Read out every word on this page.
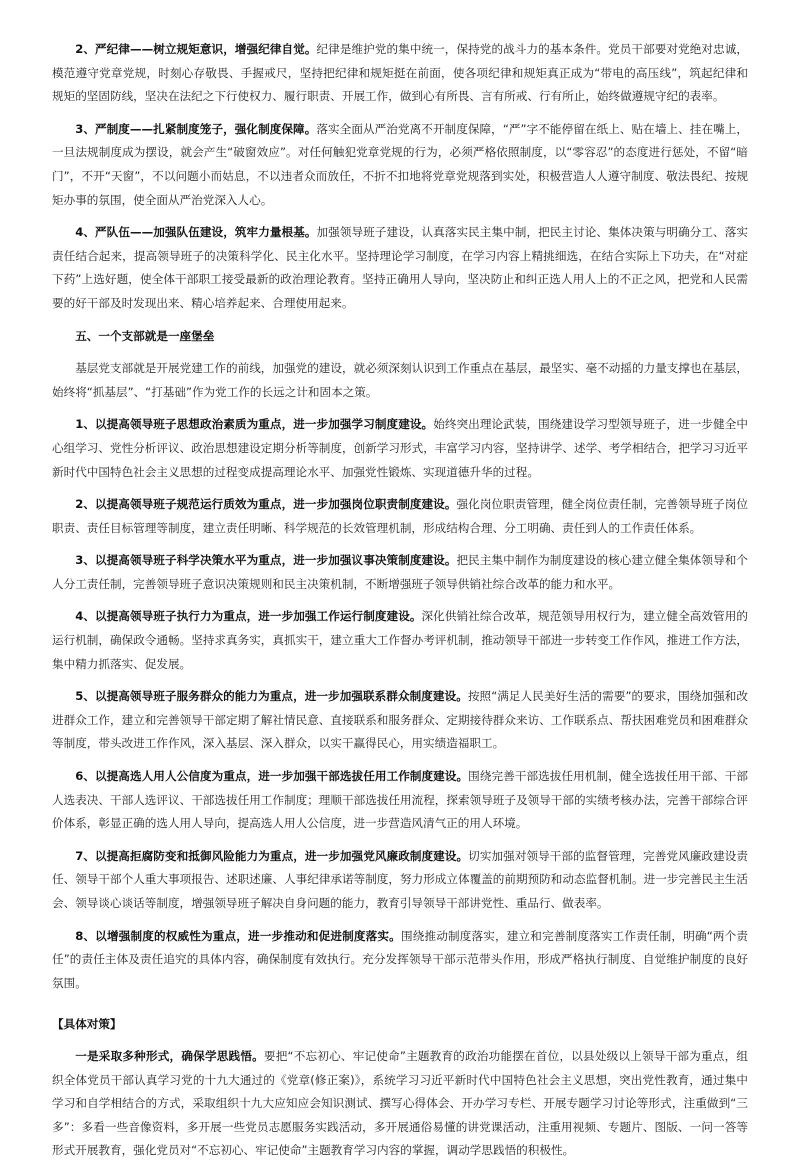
2、严纪律——树立规矩意识，增强纪律自觉。纪律是维护党的集中统一，保持党的战斗力的基本条件。党员干部要对党绝对忠诚，模范遵守党章党规，时刻心存敬畏、手握戒尺，坚持把纪律和规矩挺在前面，使各项纪律和规矩真正成为“带电的高压线”，筑起纪律和规矩的坚固防线，坚决在法纪之下行使权力、履行职责、开展工作，做到心有所畏、言有所戒、行有所止，始终做遵规守纪的表率。

3、严制度——扎紧制度笼子，强化制度保障。落实全面从严治党离不开制度保障，“严”字不能停留在纸上、贴在墙上、挂在嘴上，一旦法规制度成为摆设，就会产生“破窗效应”。对任何触犯党章党规的行为，必须严格依照制度，以“零容忍”的态度进行惩处，不留“暗门”，不开“天窗”，不以问题小而姑息，不以违者众而放任，不折不扣地将党章党规落到实处，积极营造人人遵守制度、敬法畏纪、按规矩办事的氛围，使全面从严治党深入人心。

4、严队伍——加强队伍建设，筑牢力量根基。加强领导班子建设，认真落实民主集中制，把民主讨论、集体决策与明确分工、落实责任结合起来，提高领导班子的决策科学化、民主化水平。坚持理论学习制度，在学习内容上精挑细选，在结合实际上下功夫，在“对症下药”上选好题，使全体干部职工接受最新的政治理论教育。坚持正确用人导向，坚决防止和纠正选人用人上的不正之风，把党和人民需要的好干部及时发现出来、精心培养起来、合理使用起来。

五、一个支部就是一座堡垒

基层党支部就是开展党建工作的前线，加强党的建设，就必须深刻认识到工作重点在基层，最坚实、毫不动摇的力量支撑也在基层，始终将“抓基层”、“打基础”作为党工作的长远之计和固本之策。

1、以提高领导班子思想政治素质为重点，进一步加强学习制度建设。始终突出理论武装，围绕建设学习型领导班子，进一步健全中心组学习、党性分析评议、政治思想建设定期分析等制度，创新学习形式，丰富学习内容，坚持讲学、述学、考学相结合，把学习习近平新时代中国特色社会主义思想的过程变成提高理论水平、加强党性锻炼、实现道德升华的过程。

2、以提高领导班子规范运行质效为重点，进一步加强岗位职责制度建设。强化岗位职责管理，健全岗位责任制，完善领导班子岗位职责、责任目标管理等制度，建立责任明晰、科学规范的长效管理机制，形成结构合理、分工明确、责任到人的工作责任体系。

3、以提高领导班子科学决策水平为重点，进一步加强议事决策制度建设。把民主集中制作为制度建设的核心建立健全集体领导和个人分工责任制，完善领导班子意识决策规则和民主决策机制，不断增强班子领导供销社综合改革的能力和水平。

4、以提高领导班子执行力为重点，进一步加强工作运行制度建设。深化供销社综合改革，规范领导用权行为，建立健全高效管用的运行机制，确保政令通畅。坚持求真务实，真抓实干，建立重大工作督办考评机制，推动领导干部进一步转变工作作风，推进工作方法，集中精力抓落实、促发展。

5、以提高领导班子服务群众的能力为重点，进一步加强联系群众制度建设。按照“满足人民美好生活的需要”的要求，围绕加强和改进群众工作，建立和完善领导干部定期了解社情民意、直接联系和服务群众、定期接待群众来访、工作联系点、帮扶困难党员和困难群众等制度，带头改进工作作风，深入基层、深入群众，以实干赢得民心，用实绩造福职工。

6、以提高选人用人公信度为重点，进一步加强干部选拔任用工作制度建设。围绕完善干部选拔任用机制，健全选拔任用干部、干部人选表决、干部人选评议、干部选拔任用工作制度；理顺干部选拔任用流程，探索领导班子及领导干部的实绩考核办法，完善干部综合评价体系，彰显正确的选人用人导向，提高选人用人公信度，进一步营造风清气正的用人环境。

7、以提高拒腐防变和抵御风险能力为重点，进一步加强党风廉政制度建设。切实加强对领导干部的监督管理，完善党风廉政建设责任、领导干部个人重大事项报告、述职述廉、人事纪律承诺等制度，努力形成立体覆盖的前期预防和动态监督机制。进一步完善民主生活会、领导谈心谈话等制度，增强领导班子解决自身问题的能力，教育引导领导干部讲党性、重品行、做表率。

8、以增强制度的权威性为重点，进一步推动和促进制度落实。围绕推动制度落实，建立和完善制度落实工作责任制，明确“两个责任”的责任主体及责任追究的具体内容，确保制度有效执行。充分发挥领导干部示范带头作用，形成严格执行制度、自觉维护制度的良好氛围。

【具体对策】

一是采取多种形式，确保学思践悟。要把“不忘初心、牢记使命”主题教育的政治功能摆在首位，以县处级以上领导干部为重点，组织全体党员干部认真学习党的十九大通过的《党章(修正案)》，系统学习习近平新时代中国特色社会主义思想，突出党性教育，通过集中学习和自学相结合的方式，采取组织十九大应知应会知识测试、撰写心得体会、开办学习专栏、开展专题学习讨论等形式，注重做到“三多”：多看一些音像资料，多开展一些党员志愿服务实践活动，多开展通俗易懂的讲党课活动，注重用视频、专题片、图版、一问一答等形式开展教育，强化党员对“不忘初心、牢记使命”主题教育学习内容的掌握，调动学思践悟的积极性。
